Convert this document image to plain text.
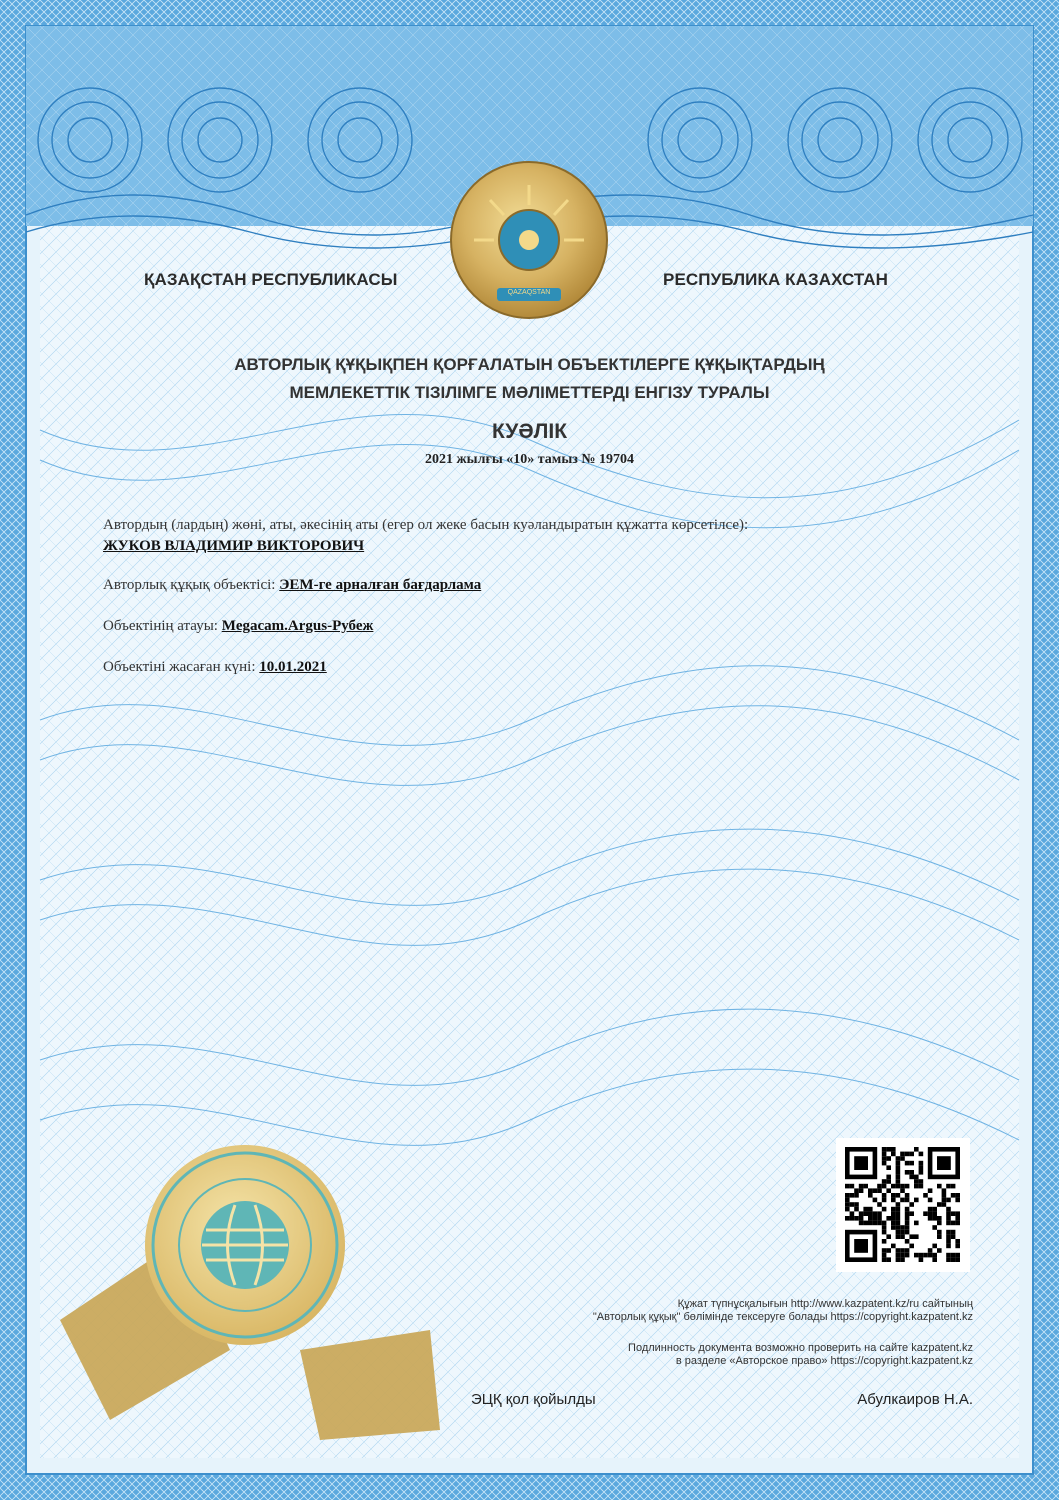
ҚАЗАҚСТАН РЕСПУБЛИКАСЫ	РЕСПУБЛИКА КАЗАХСТАН
QAZAQSTAN
АВТОРЛЫҚ ҚҰҚЫҚПЕН ҚОРҒАЛАТЫН ОБЪЕКТІЛЕРГЕ ҚҰҚЫҚТАРДЫҢ
МЕМЛЕКЕТТІК ТІЗІЛІМГЕ МӘЛІМЕТТЕРДІ ЕНГІЗУ ТУРАЛЫ
КУӘЛІК
2021 жылғы «10» тамыз № 19704
Автордың (лардың) жөні, аты, әкесінің аты (егер ол жеке басын куәландыратын құжатта көрсетілсе):
ЖУКОВ ВЛАДИМИР ВИКТОРОВИЧ
Авторлық құқық объектісі: ЭЕМ-ге арналған бағдарлама
Объектінің атауы: Megacam.Argus-Рубеж
Объектіні жасаған күні: 10.01.2021
Құжат түпнұсқалығын http://www.kazpatent.kz/ru сайтының
"Авторлық құқық" бөлімінде тексеруге болады https://copyright.kazpatent.kz
Подлинность документа возможно проверить на сайте kazpatent.kz
в разделе «Авторское право» https://copyright.kazpatent.kz
ЭЦҚ қол қойылды	Абулкаиров Н.А.
